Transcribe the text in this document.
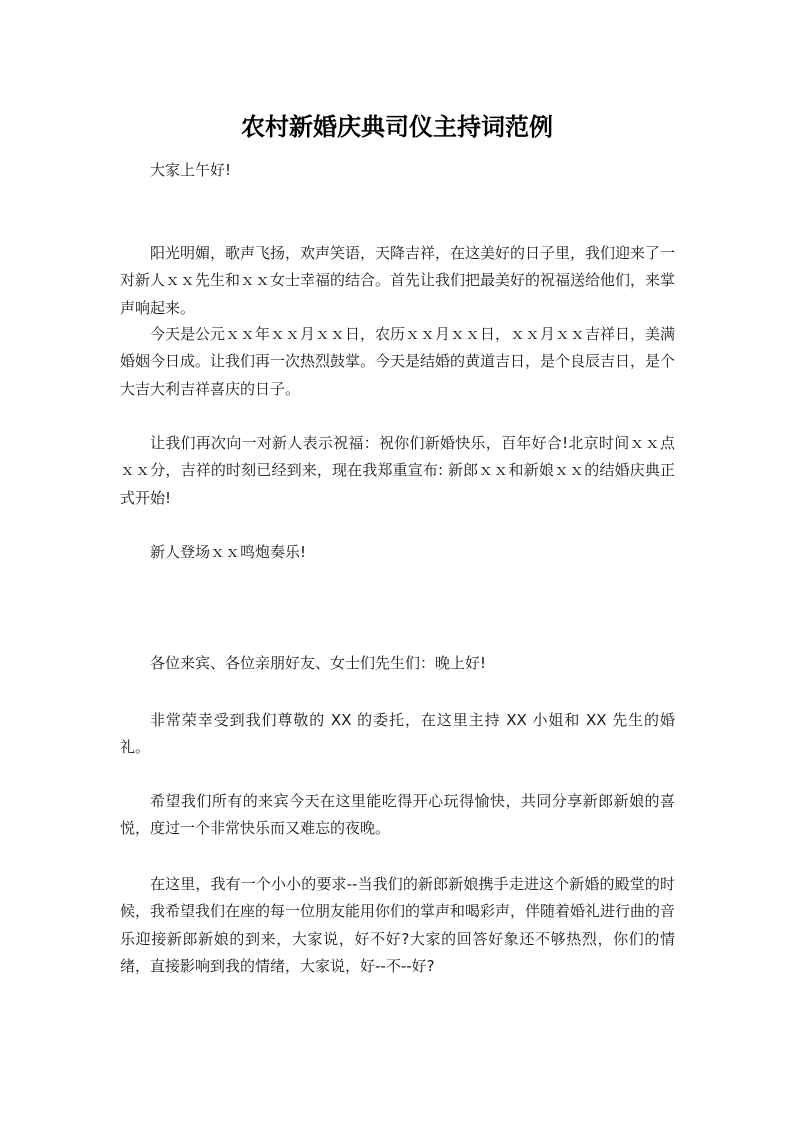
农村新婚庆典司仪主持词范例

大家上午好!

阳光明媚，歌声飞扬，欢声笑语，天降吉祥，在这美好的日子里，我们迎来了一对新人ｘｘ先生和ｘｘ女士幸福的结合。首先让我们把最美好的祝福送给他们，来掌声响起来。

今天是公元ｘｘ年ｘｘ月ｘｘ日，农历ｘｘ月ｘｘ日，ｘｘ月ｘｘ吉祥日，美满婚姻今日成。让我们再一次热烈鼓掌。今天是结婚的黄道吉日，是个良辰吉日，是个大吉大利吉祥喜庆的日子。

让我们再次向一对新人表示祝福：祝你们新婚快乐，百年好合!北京时间ｘｘ点ｘｘ分，吉祥的时刻已经到来，现在我郑重宣布: 新郎ｘｘ和新娘ｘｘ的结婚庆典正式开始!

新人登场ｘｘ鸣炮奏乐!

各位来宾、各位亲朋好友、女士们先生们：晚上好!

非常荣幸受到我们尊敬的 XX 的委托，在这里主持 XX 小姐和 XX 先生的婚礼。

希望我们所有的来宾今天在这里能吃得开心玩得愉快，共同分享新郎新娘的喜悦，度过一个非常快乐而又难忘的夜晚。

在这里，我有一个小小的要求--当我们的新郎新娘携手走进这个新婚的殿堂的时候，我希望我们在座的每一位朋友能用你们的掌声和喝彩声，伴随着婚礼进行曲的音乐迎接新郎新娘的到来，大家说，好不好?大家的回答好象还不够热烈，你们的情绪，直接影响到我的情绪，大家说，好--不--好?
